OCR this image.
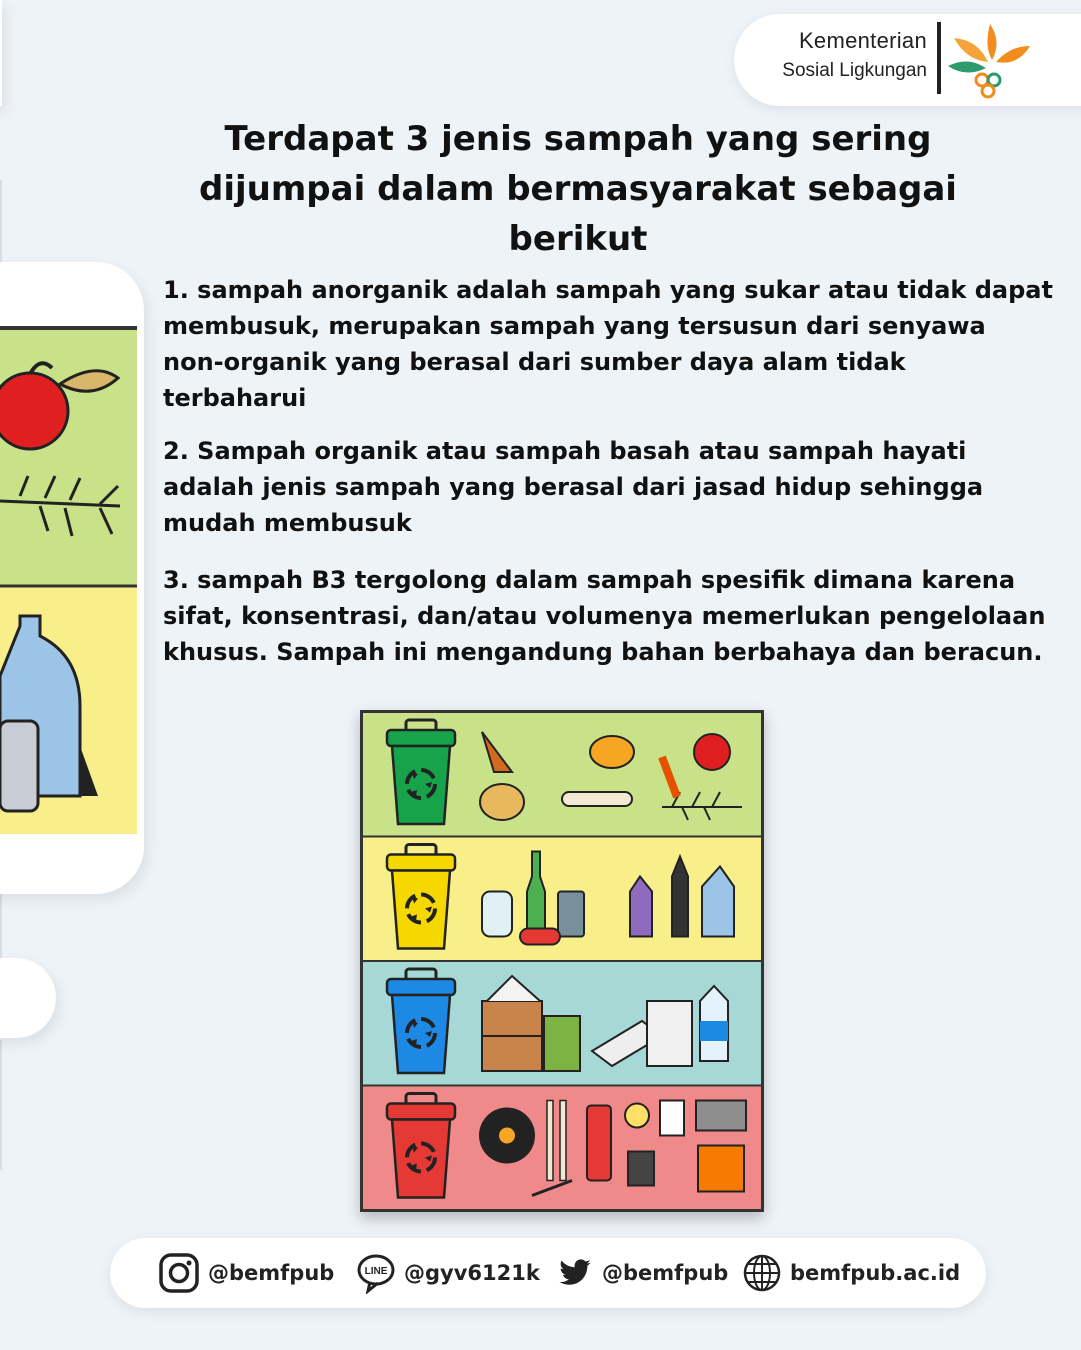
Kementerian
Sosial Ligkungan
Terdapat 3 jenis sampah yang sering dijumpai dalam bermasyarakat sebagai berikut
1. sampah anorganik adalah sampah yang sukar atau tidak dapat membusuk, merupakan sampah yang tersusun dari senyawa non-organik yang berasal dari sumber daya alam tidak terbaharui
2. Sampah organik atau sampah basah atau sampah hayati adalah jenis sampah yang berasal dari jasad hidup sehingga mudah membusuk
3. sampah B3 tergolong dalam sampah spesifik dimana karena sifat, konsentrasi, dan/atau volumenya memerlukan pengelolaan khusus. Sampah ini mengandung bahan berbahaya dan beracun.
@bemfpub	LINE @gyv6121k	@bemfpub	bemfpub.ac.id
